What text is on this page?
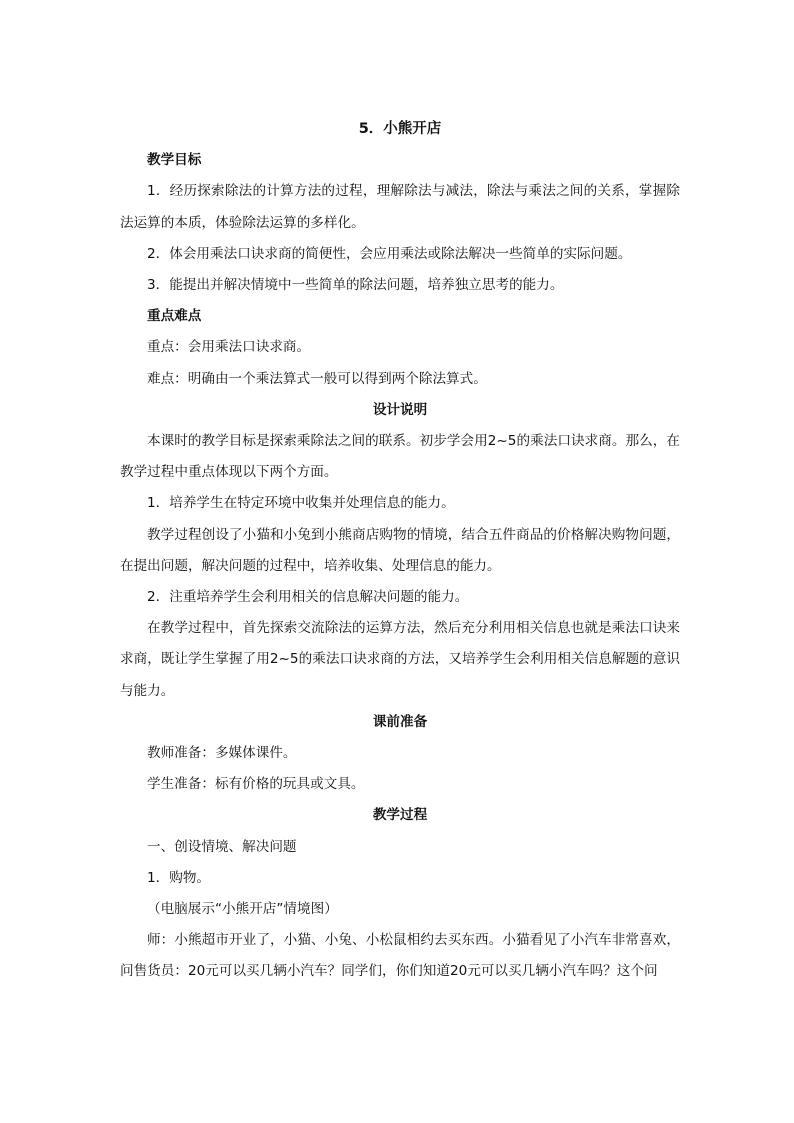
5．小熊开店

教学目标

1．经历探索除法的计算方法的过程，理解除法与减法，除法与乘法之间的关系，掌握除法运算的本质，体验除法运算的多样化。

2．体会用乘法口诀求商的简便性，会应用乘法或除法解决一些简单的实际问题。

3．能提出并解决情境中一些简单的除法问题，培养独立思考的能力。

重点难点

重点：会用乘法口诀求商。

难点：明确由一个乘法算式一般可以得到两个除法算式。

设计说明

本课时的教学目标是探索乘除法之间的联系。初步学会用2~5的乘法口诀求商。那么，在教学过程中重点体现以下两个方面。

1．培养学生在特定环境中收集并处理信息的能力。

教学过程创设了小猫和小兔到小熊商店购物的情境，结合五件商品的价格解决购物问题，在提出问题，解决问题的过程中，培养收集、处理信息的能力。

2．注重培养学生会利用相关的信息解决问题的能力。

在教学过程中，首先探索交流除法的运算方法，然后充分利用相关信息也就是乘法口诀来求商，既让学生掌握了用2~5的乘法口诀求商的方法，又培养学生会利用相关信息解题的意识与能力。

课前准备

教师准备：多媒体课件。

学生准备：标有价格的玩具或文具。

教学过程

一、创设情境、解决问题

1．购物。

（电脑展示“小熊开店”情境图）

师：小熊超市开业了，小猫、小兔、小松鼠相约去买东西。小猫看见了小汽车非常喜欢，问售货员：20元可以买几辆小汽车？同学们，你们知道20元可以买几辆小汽车吗？这个问
